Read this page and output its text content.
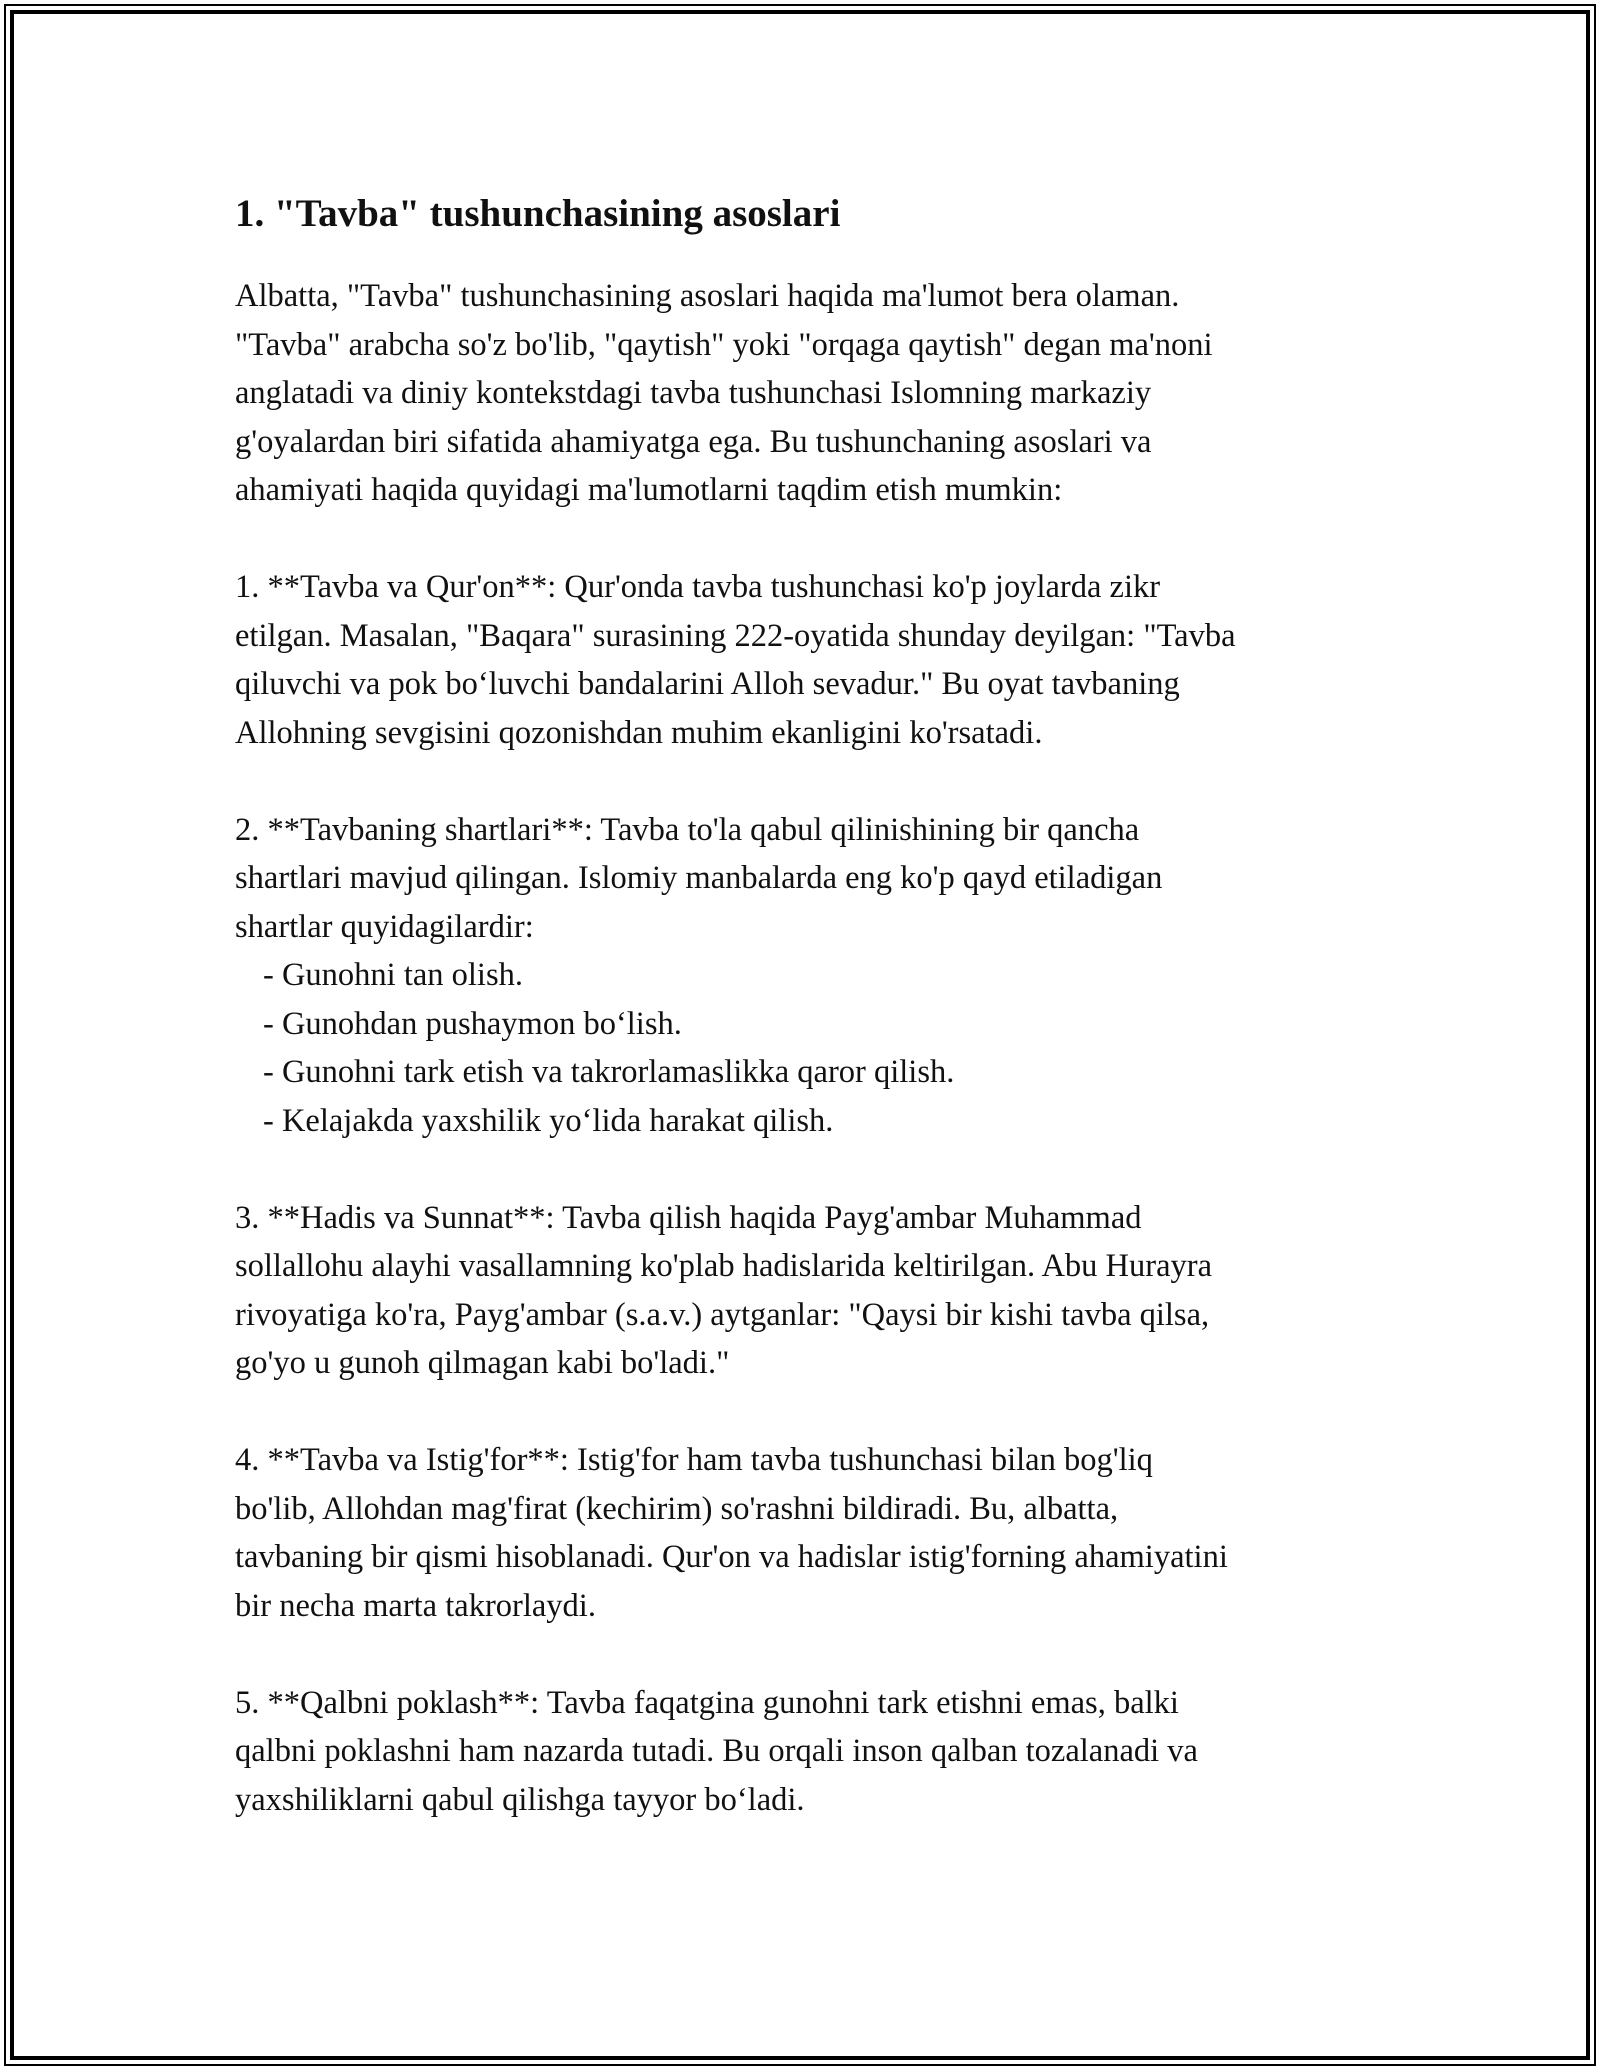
1. "Tavba" tushunchasining asoslari

Albatta, "Tavba" tushunchasining asoslari haqida ma'lumot bera olaman.
"Tavba" arabcha so'z bo'lib, "qaytish" yoki "orqaga qaytish" degan ma'noni
anglatadi va diniy kontekstdagi tavba tushunchasi Islomning markaziy
g'oyalardan biri sifatida ahamiyatga ega. Bu tushunchaning asoslari va
ahamiyati haqida quyidagi ma'lumotlarni taqdim etish mumkin:

1. **Tavba va Qur'on**: Qur'onda tavba tushunchasi ko'p joylarda zikr
etilgan. Masalan, "Baqara" surasining 222-oyatida shunday deyilgan: "Tavba
qiluvchi va pok bo‘luvchi bandalarini Alloh sevadur." Bu oyat tavbaning
Allohning sevgisini qozonishdan muhim ekanligini ko'rsatadi.

2. **Tavbaning shartlari**: Tavba to'la qabul qilinishining bir qancha
shartlari mavjud qilingan. Islomiy manbalarda eng ko'p qayd etiladigan
shartlar quyidagilardir:

- Gunohni tan olish.

- Gunohdan pushaymon bo‘lish.

- Gunohni tark etish va takrorlamaslikka qaror qilish.

- Kelajakda yaxshilik yo‘lida harakat qilish.

3. **Hadis va Sunnat**: Tavba qilish haqida Payg'ambar Muhammad
sollallohu alayhi vasallamning ko'plab hadislarida keltirilgan. Abu Hurayra
rivoyatiga ko'ra, Payg'ambar (s.a.v.) aytganlar: "Qaysi bir kishi tavba qilsa,
go'yo u gunoh qilmagan kabi bo'ladi."

4. **Tavba va Istig'for**: Istig'for ham tavba tushunchasi bilan bog'liq
bo'lib, Allohdan mag'firat (kechirim) so'rashni bildiradi. Bu, albatta,
tavbaning bir qismi hisoblanadi. Qur'on va hadislar istig'forning ahamiyatini
bir necha marta takrorlaydi.

5. **Qalbni poklash**: Tavba faqatgina gunohni tark etishni emas, balki
qalbni poklashni ham nazarda tutadi. Bu orqali inson qalban tozalanadi va
yaxshiliklarni qabul qilishga tayyor bo‘ladi.
